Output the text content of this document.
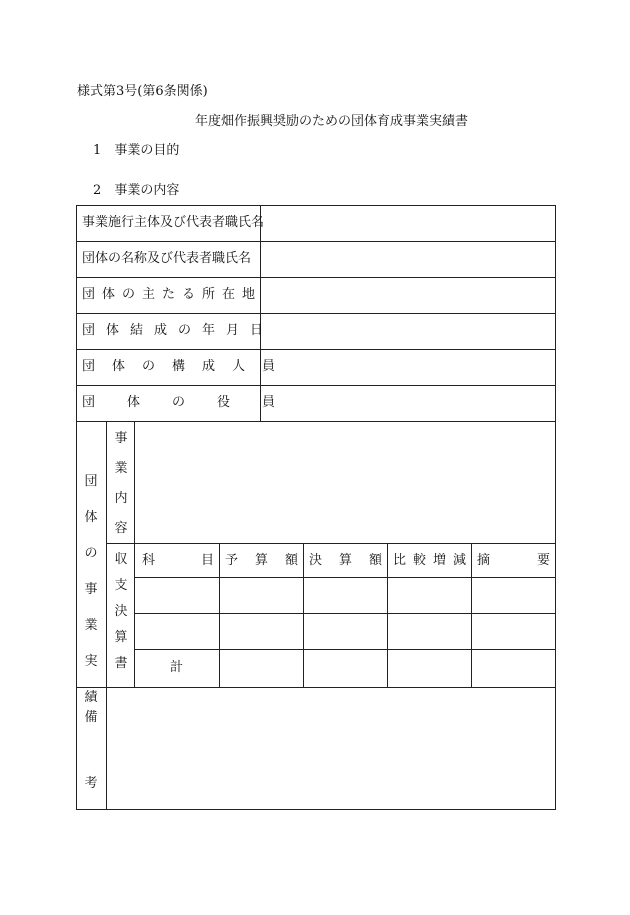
様式第3号(第6条関係)
年度畑作振興奨励のための団体育成事業実績書
1 事業の目的
2 事業の内容
事業施行主体及び代表者職氏名
団体の名称及び代表者職氏名
団体の主たる所在地
団体結成の年月日
団体の構成人員
団体の役員
団
体
の
事
業
実
績
事
業
内
容
収
支
決
算
書
備
考
科	目 予 算 額 決 算 額 比 較 増 減 摘	要
計
